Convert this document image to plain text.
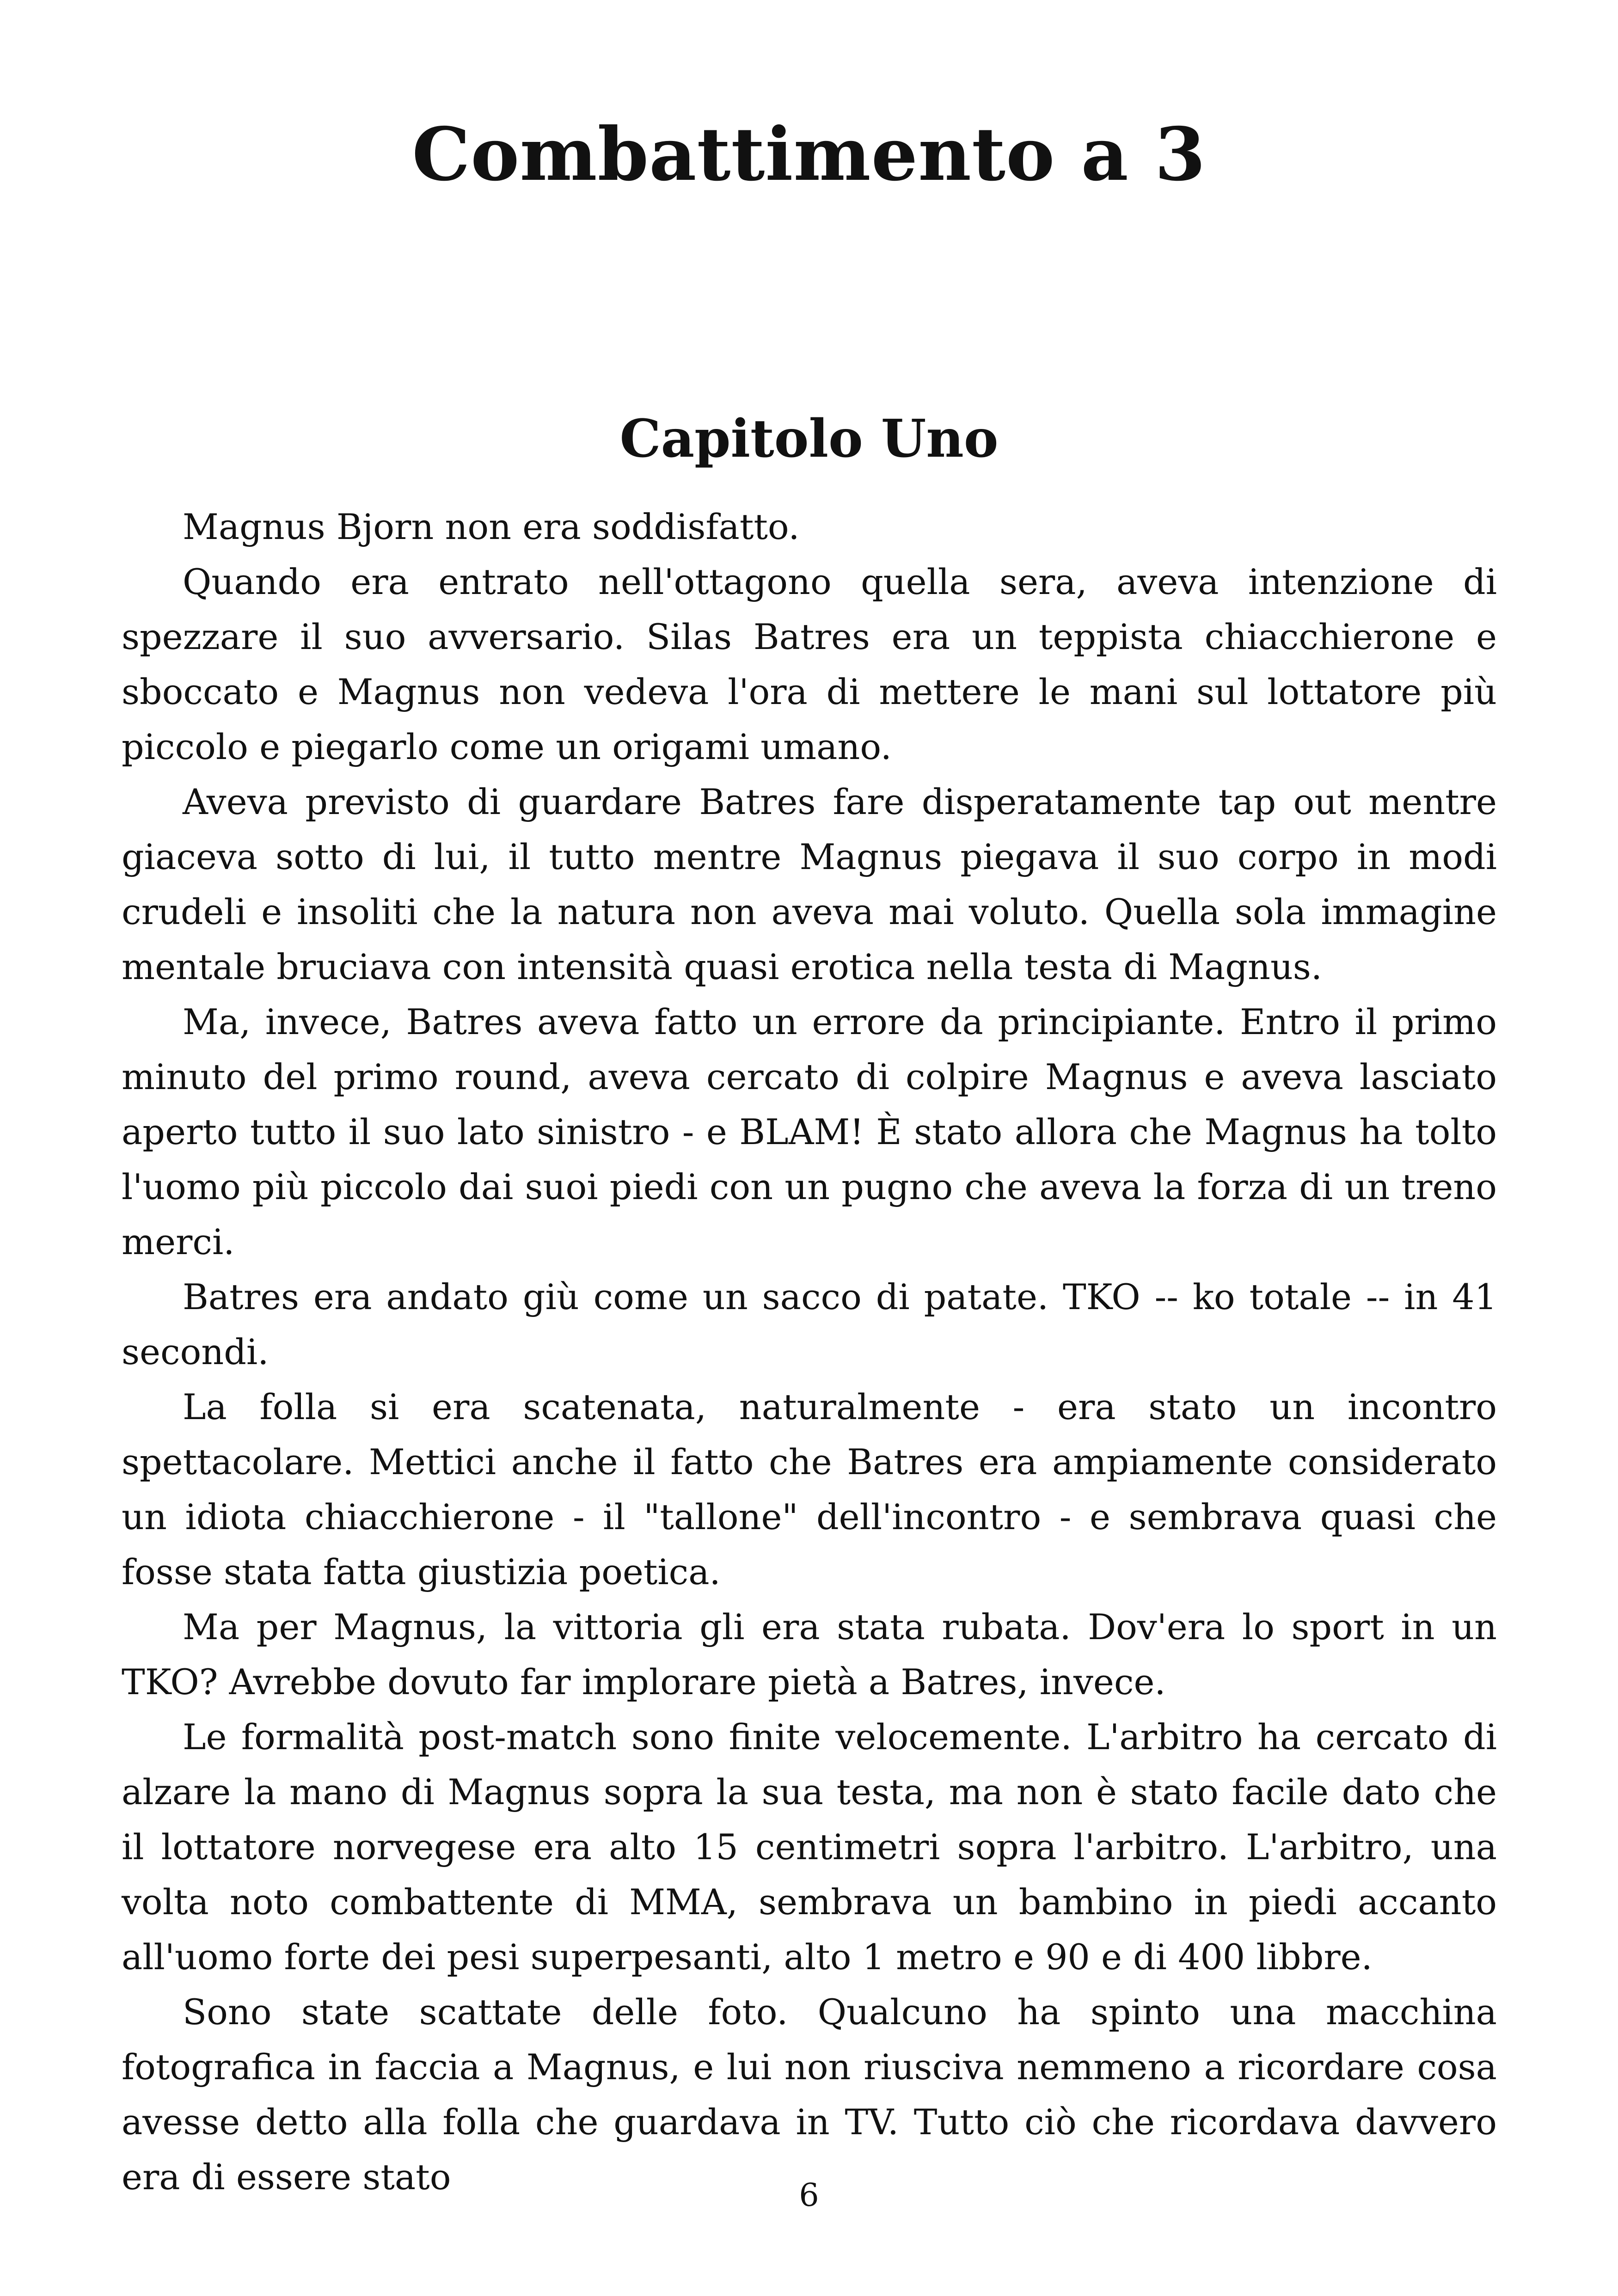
Combattimento a 3
Capitolo Uno

Magnus Bjorn non era soddisfatto.

Quando era entrato nell'ottagono quella sera, aveva intenzione di spezzare il suo avversario. Silas Batres era un teppista chiacchierone e sboccato e Magnus non vedeva l'ora di mettere le mani sul lottatore più piccolo e piegarlo come un origami umano.

Aveva previsto di guardare Batres fare disperatamente tap out mentre giaceva sotto di lui, il tutto mentre Magnus piegava il suo corpo in modi crudeli e insoliti che la natura non aveva mai voluto. Quella sola immagine mentale bruciava con intensità quasi erotica nella testa di Magnus.

Ma, invece, Batres aveva fatto un errore da principiante. Entro il primo minuto del primo round, aveva cercato di colpire Magnus e aveva lasciato aperto tutto il suo lato sinistro - e BLAM! È stato allora che Magnus ha tolto l'uomo più piccolo dai suoi piedi con un pugno che aveva la forza di un treno merci.

Batres era andato giù come un sacco di patate. TKO -- ko totale -- in 41 secondi.

La folla si era scatenata, naturalmente - era stato un incontro spettacolare. Mettici anche il fatto che Batres era ampiamente considerato un idiota chiacchierone - il "tallone" dell'incontro - e sembrava quasi che fosse stata fatta giustizia poetica.

Ma per Magnus, la vittoria gli era stata rubata. Dov'era lo sport in un TKO? Avrebbe dovuto far implorare pietà a Batres, invece.

Le formalità post-match sono finite velocemente. L'arbitro ha cercato di alzare la mano di Magnus sopra la sua testa, ma non è stato facile dato che il lottatore norvegese era alto 15 centimetri sopra l'arbitro. L'arbitro, una volta noto combattente di MMA, sembrava un bambino in piedi accanto all'uomo forte dei pesi superpesanti, alto 1 metro e 90 e di 400 libbre.

Sono state scattate delle foto. Qualcuno ha spinto una macchina fotografica in faccia a Magnus, e lui non riusciva nemmeno a ricordare cosa avesse detto alla folla che guardava in TV. Tutto ciò che ricordava davvero era di essere stato	6
